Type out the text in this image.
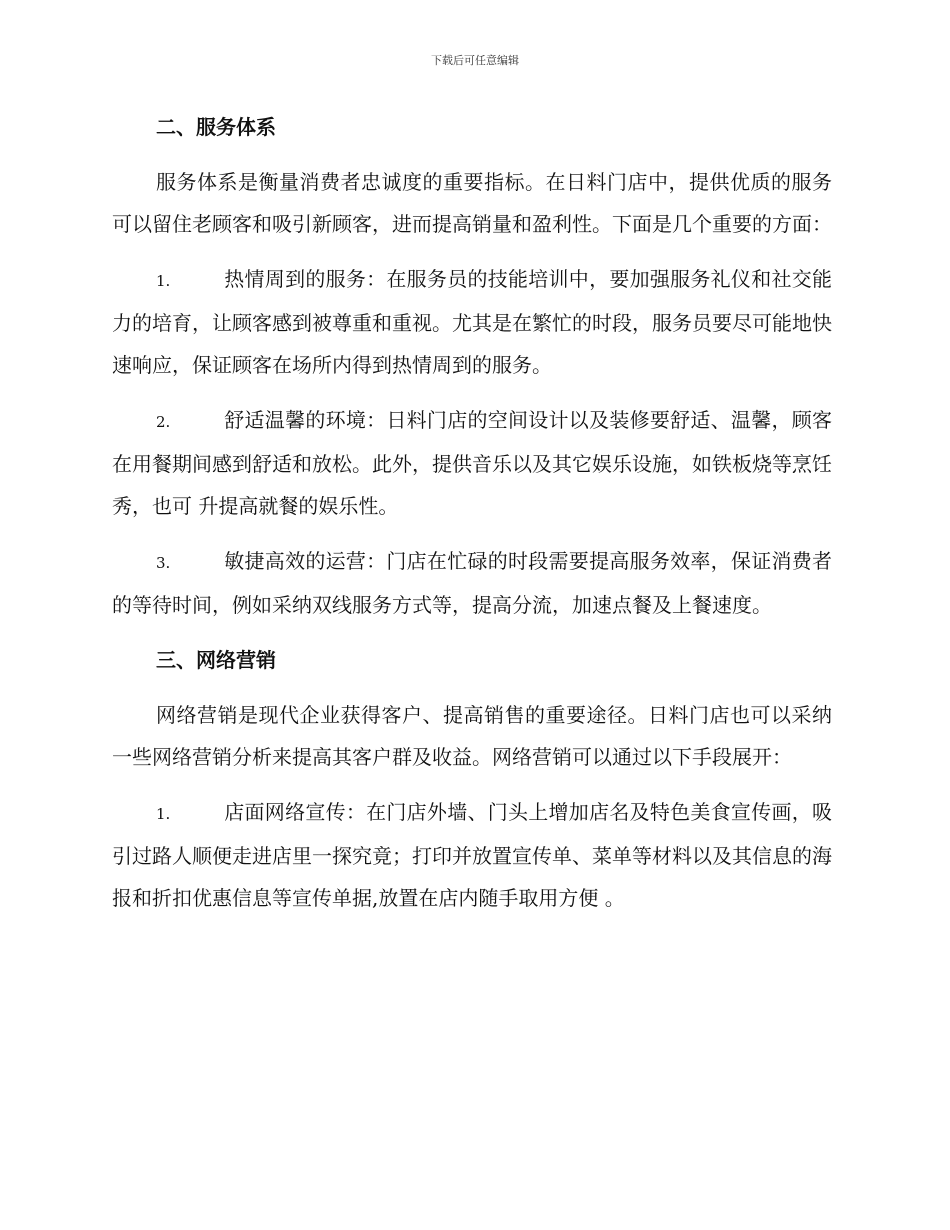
下载后可任意编辑
二、服务体系

服务体系是衡量消费者忠诚度的重要指标。在日料门店中，提供优质的服务可以留住老顾客和吸引新顾客，进而提高销量和盈利性。下面是几个重要的方面：

1.	热情周到的服务：在服务员的技能培训中，要加强服务礼仪和社交能力的培育，让顾客感到被尊重和重视。尤其是在繁忙的时段，服务员要尽可能地快速响应，保证顾客在场所内得到热情周到的服务。

2.	舒适温馨的环境：日料门店的空间设计以及装修要舒适、温馨，顾客在用餐期间感到舒适和放松。此外，提供音乐以及其它娱乐设施，如铁板烧等烹饪秀，也可 升提高就餐的娱乐性。

3.	敏捷高效的运营：门店在忙碌的时段需要提高服务效率，保证消费者的等待时间，例如采纳双线服务方式等，提高分流，加速点餐及上餐速度。

三、网络营销

网络营销是现代企业获得客户、提高销售的重要途径。日料门店也可以采纳一些网络营销分析来提高其客户群及收益。网络营销可以通过以下手段展开：

1.	店面网络宣传：在门店外墙、门头上增加店名及特色美食宣传画，吸引过路人顺便走进店里一探究竟；打印并放置宣传单、菜单等材料以及其信息的海报和折扣优惠信息等宣传单据,放置在店内随手取用方便 。
